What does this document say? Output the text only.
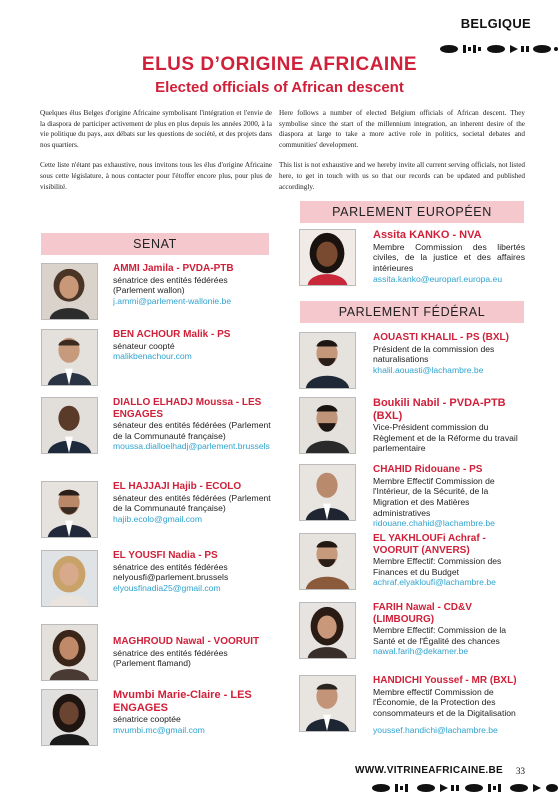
BELGIQUE
ELUS D’ORIGINE AFRICAINE
Elected officials of African descent

Quelques élus Belges d'origine Africaine symbolisant l'intégration et l'envie de la diaspora de participer activement de plus en plus depuis les années 2000, à la vie politique du pays, aux débats sur les questions de société, et des projets dans nos quartiers.

Cette liste n'étant pas exhaustive, nous invitons tous les élus d'origine Africaine sous cette législature, à nous contacter pour l'étoffer encore plus, pour plus de visibilité.

Here follows a number of elected Belgium officials of African descent. They symbolise since the start of the millennium integration, an inherent desire of the diaspora at large to take a more active role in politics, societal debates and communities' development.

This list is not exhaustive and we hereby invite all current serving officials, not listed here, to get in touch with us so that our records can be updated and published accordingly.

SENAT

AMMI Jamila - PVDA-PTB

sénatrice des entités fédérées (Parlement wallon)

j.ammi@parlement-wallonie.be

BEN ACHOUR Malik - PS

sénateur coopté

malikbenachour.com

DIALLO ELHADJ Moussa - LES ENGAGES

sénateur des entités fédérées (Parlement de la Communauté française)

moussa.dialloelhadj@parlement.brussels

EL HAJJAJI Hajib - ECOLO

sénateur des entités fédérées (Parlement de la Communauté française)

hajib.ecolo@gmail.com

EL YOUSFI Nadia - PS

sénatrice des entités fédérées nelyousfi@parlement.brussels

elyousfinadia25@gmail.com

MAGHROUD Nawal - VOORUIT

sénatrice des entités fédérées (Parlement flamand)

Mvumbi Marie-Claire - LES ENGAGES

sénatrice cooptée

mvumbi.mc@gmail.com

PARLEMENT EUROPÉEN

Assita KANKO - NVA

Membre Commission des libertés civiles, de la justice et des affaires intérieures

assita.kanko@europarl.europa.eu

PARLEMENT FÉDÉRAL

AOUASTI KHALIL - PS (BXL)

Président de la commission des naturalisations

khalil.aouasti@lachambre.be

Boukili Nabil - PVDA-PTB (BXL)

Vice-Président commission du Règlement et de la Réforme du travail parlementaire

CHAHID Ridouane - PS

Membre Effectif Commission de l'Intérieur, de la Sécurité, de la Migration et des Matières administratives

ridouane.chahid@lachambre.be

EL YAKHLOUFi Achraf - VOORUIT (ANVERS)

Membre Effectif: Commission des Finances et du Budget

achraf.elyakloufi@lachambre.be

FARIH Nawal - CD&V (LIMBOURG)

Membre Effectif: Commission de la Santé et de l'Égalité des chances

nawal.farih@dekamer.be

HANDICHI Youssef - MR (BXL)

Membre effectif Commission de l'Économie, de la Protection des consommateurs et de la Digitalisation

youssef.handichi@lachambre.be

WWW.VITRINEAFRICAINE.BE 33
